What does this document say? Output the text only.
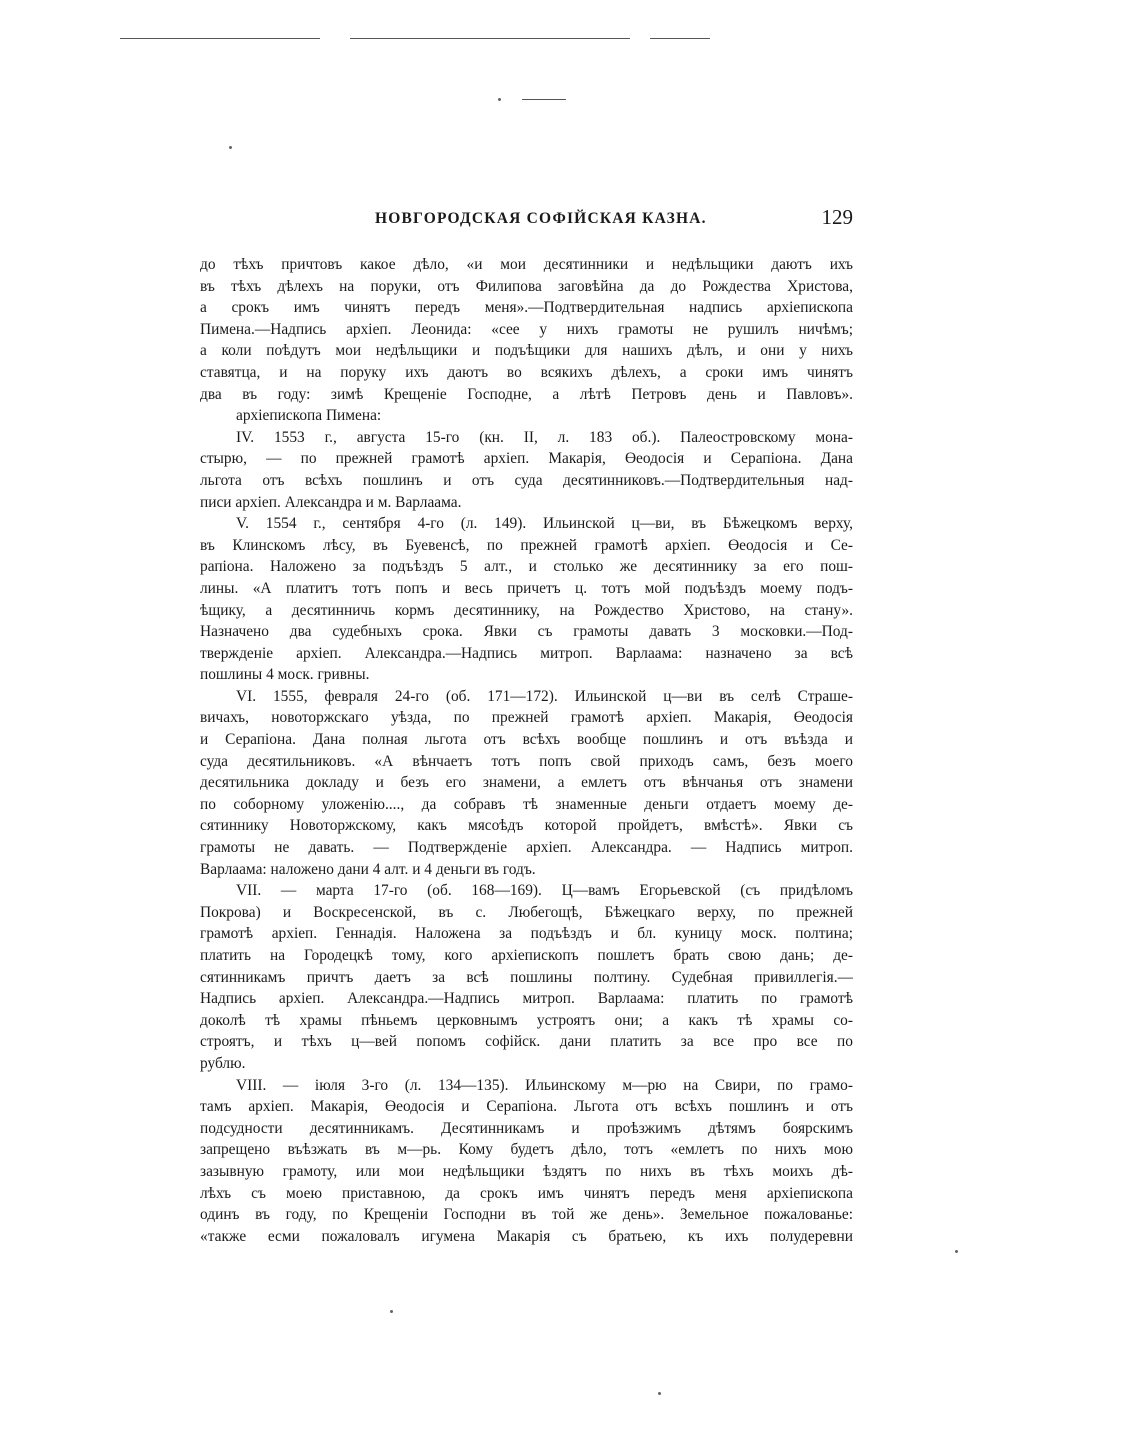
НОВГОРОДСКАЯ СОФІЙСКАЯ КАЗНА.	129
до тѣхъ причтовъ какое дѣло, «и мои десятинники и недѣльщики даютъ ихъ
въ тѣхъ дѣлехъ на поруки, отъ Филипова заговѣйна да до Рождества Христова,
а срокъ имъ чинятъ передъ меня».—Подтвердительная надпись архіепископа
Пимена.—Надпись архіеп. Леонида: «сее у нихъ грамоты не рушилъ ничѣмъ;
а коли поѣдутъ мои недѣльщики и подъѣщики для нашихъ дѣлъ, и они у нихъ
ставятца, и на поруку ихъ даютъ во всякихъ дѣлехъ, а сроки имъ чинятъ
два въ году: зимѣ Крещеніе Господне, а лѣтѣ Петровъ день и Павловъ».
архіепископа Пимена:
IV. 1553 г., августа 15-го (кн. II, л. 183 об.). Палеостровскому мона-
стырю, — по прежней грамотѣ архіеп. Макарія, Өеодосія и Серапіона. Дана
льгота отъ всѣхъ пошлинъ и отъ суда десятинниковъ.—Подтвердительныя над-
писи архіеп. Александра и м. Варлаама.
V. 1554 г., сентября 4-го (л. 149). Ильинской ц—ви, въ Бѣжецкомъ верху,
въ Клинскомъ лѣсу, въ Буевенсѣ, по прежней грамотѣ архіеп. Өеодосія и Се-
рапіона. Наложено за подъѣздъ 5 алт., и столько же десятиннику за его пош-
лины. «А платитъ тотъ попъ и весь причетъ ц. тотъ мой подъѣздъ моему подъ-
ѣщику, а десятинничь кормъ десятиннику, на Рождество Христово, на стану».
Назначено два судебныхъ срока. Явки съ грамоты давать 3 московки.—Под-
твержденіе архіеп. Александра.—Надпись митроп. Варлаама: назначено за всѣ
пошлины 4 моск. гривны.
VI. 1555, февраля 24-го (об. 171—172). Ильинской ц—ви въ селѣ Страше-
вичахъ, новоторжскаго уѣзда, по прежней грамотѣ архіеп. Макарія, Өеодосія
и Серапіона. Дана полная льгота отъ всѣхъ вообще пошлинъ и отъ въѣзда и
суда десятильниковъ. «А вѣнчаетъ тотъ попъ свой приходъ самъ, безъ моего
десятильника докладу и безъ его знамени, а емлетъ отъ вѣнчанья отъ знамени
по соборному уложенію...., да собравъ тѣ знаменные деньги отдаетъ моему де-
сятиннику Новоторжскому, какъ мясоѣдъ которой пройдетъ, вмѣстѣ». Явки съ
грамоты не давать. — Подтвержденіе архіеп. Александра. — Надпись митроп.
Варлаама: наложено дани 4 алт. и 4 деньги въ годъ.
VII. — марта 17-го (об. 168—169). Ц—вамъ Егорьевской (съ придѣломъ
Покрова) и Воскресенской, въ с. Любегощѣ, Бѣжецкаго верху, по прежней
грамотѣ архіеп. Геннадія. Наложена за подъѣздъ и бл. куницу моск. полтина;
платить на Городецкѣ тому, кого архіепископъ пошлетъ брать свою дань; де-
сятинникамъ причтъ даетъ за всѣ пошлины полтину. Судебная привиллегія.—
Надпись архіеп. Александра.—Надпись митроп. Варлаама: платить по грамотѣ
доколѣ тѣ храмы пѣньемъ церковнымъ устроятъ они; а какъ тѣ храмы со-
строятъ, и тѣхъ ц—вей попомъ софійск. дани платить за все про все по
рублю.
VIII. — іюля 3-го (л. 134—135). Ильинскому м—рю на Свири, по грамо-
тамъ архіеп. Макарія, Өеодосія и Серапіона. Льгота отъ всѣхъ пошлинъ и отъ
подсудности десятинникамъ. Десятинникамъ и проѣзжимъ дѣтямъ боярскимъ
запрещено въѣзжать въ м—рь. Кому будетъ дѣло, тотъ «емлетъ по нихъ мою
зазывную грамоту, или мои недѣльщики ѣздятъ по нихъ въ тѣхъ моихъ дѣ-
лѣхъ съ моею приставною, да срокъ имъ чинятъ передъ меня архіепископа
одинъ въ году, по Крещеніи Господни въ той же день». Земельное пожалованье:
«также есми пожаловалъ игумена Макарія съ братьею, къ ихъ полудеревни
